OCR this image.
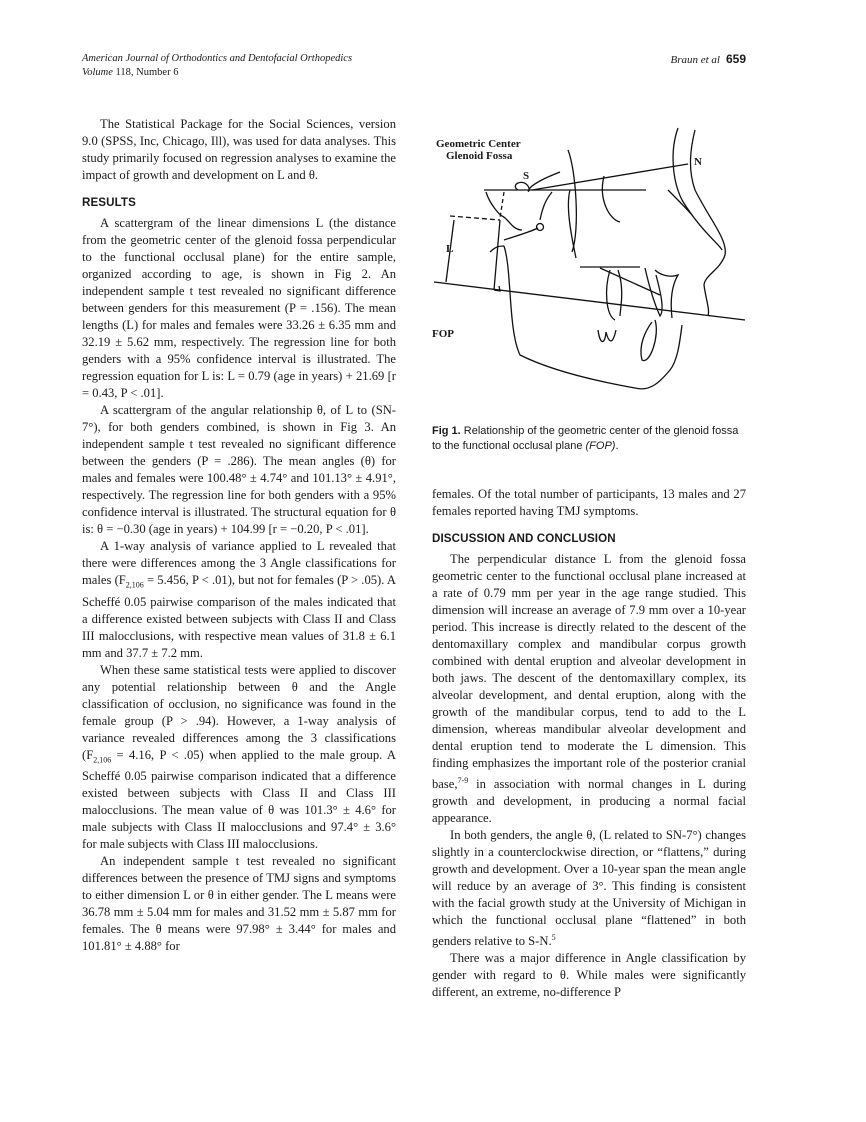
American Journal of Orthodontics and Dentofacial Orthopedics
Volume 118, Number 6
Braun et al 659

The Statistical Package for the Social Sciences, version 9.0 (SPSS, Inc, Chicago, Ill), was used for data analyses. This study primarily focused on regression analyses to examine the impact of growth and development on L and θ.

RESULTS

A scattergram of the linear dimensions L (the distance from the geometric center of the glenoid fossa perpendicular to the functional occlusal plane) for the entire sample, organized according to age, is shown in Fig 2. An independent sample t test revealed no significant difference between genders for this measurement (P = .156). The mean lengths (L) for males and females were 33.26 ± 6.35 mm and 32.19 ± 5.62 mm, respectively. The regression line for both genders with a 95% confidence interval is illustrated. The regression equation for L is: L = 0.79 (age in years) + 21.69 [r = 0.43, P < .01].

A scattergram of the angular relationship θ, of L to (SN-7°), for both genders combined, is shown in Fig 3. An independent sample t test revealed no significant difference between the genders (P = .286). The mean angles (θ) for males and females were 100.48° ± 4.74° and 101.13° ± 4.91°, respectively. The regression line for both genders with a 95% confidence interval is illustrated. The structural equation for θ is: θ = −0.30 (age in years) + 104.99 [r = −0.20, P < .01].

A 1-way analysis of variance applied to L revealed that there were differences among the 3 Angle classifications for males ($F_{2,106} = 5.456$, P < .01), but not for females (P > .05). A Scheffé 0.05 pairwise comparison of the males indicated that a difference existed between subjects with Class II and Class III malocclusions, with respective mean values of 31.8 ± 6.1 mm and 37.7 ± 7.2 mm.

When these same statistical tests were applied to discover any potential relationship between θ and the Angle classification of occlusion, no significance was found in the female group (P > .94). However, a 1-way analysis of variance revealed differences among the 3 classifications ($F_{2,106} = 4.16$, P < .05) when applied to the male group. A Scheffé 0.05 pairwise comparison indicated that a difference existed between subjects with Class II and Class III malocclusions. The mean value of θ was 101.3° ± 4.6° for male subjects with Class II malocclusions and 97.4° ± 3.6° for male subjects with Class III malocclusions.

An independent sample t test revealed no significant differences between the presence of TMJ signs and symptoms to either dimension L or θ in either gender. The L means were 36.78 mm ± 5.04 mm for males and 31.52 mm ± 5.87 mm for females. The θ means were 97.98° ± 3.44° for males and 101.81° ± 4.88° for

Geometric Center
Glenoid Fossa
S
N
L
FOP
Fig 1. Relationship of the geometric center of the glenoid fossa to the functional occlusal plane (FOP).

females. Of the total number of participants, 13 males and 27 females reported having TMJ symptoms.

DISCUSSION AND CONCLUSION

The perpendicular distance L from the glenoid fossa geometric center to the functional occlusal plane increased at a rate of 0.79 mm per year in the age range studied. This dimension will increase an average of 7.9 mm over a 10-year period. This increase is directly related to the descent of the dentomaxillary complex and mandibular corpus growth combined with dental eruption and alveolar development in both jaws. The descent of the dentomaxillary complex, its alveolar development, and dental eruption, along with the growth of the mandibular corpus, tend to add to the L dimension, whereas mandibular alveolar development and dental eruption tend to moderate the L dimension. This finding emphasizes the important role of the posterior cranial base,$^{7-9}$ in association with normal changes in L during growth and development, in producing a normal facial appearance.

In both genders, the angle θ, (L related to SN-7°) changes slightly in a counterclockwise direction, or “flattens,” during growth and development. Over a 10-year span the mean angle will reduce by an average of 3°. This finding is consistent with the facial growth study at the University of Michigan in which the functional occlusal plane “flattened” in both genders relative to S-N.$^5$

There was a major difference in Angle classification by gender with regard to θ. While males were significantly different, an extreme, no-difference P
